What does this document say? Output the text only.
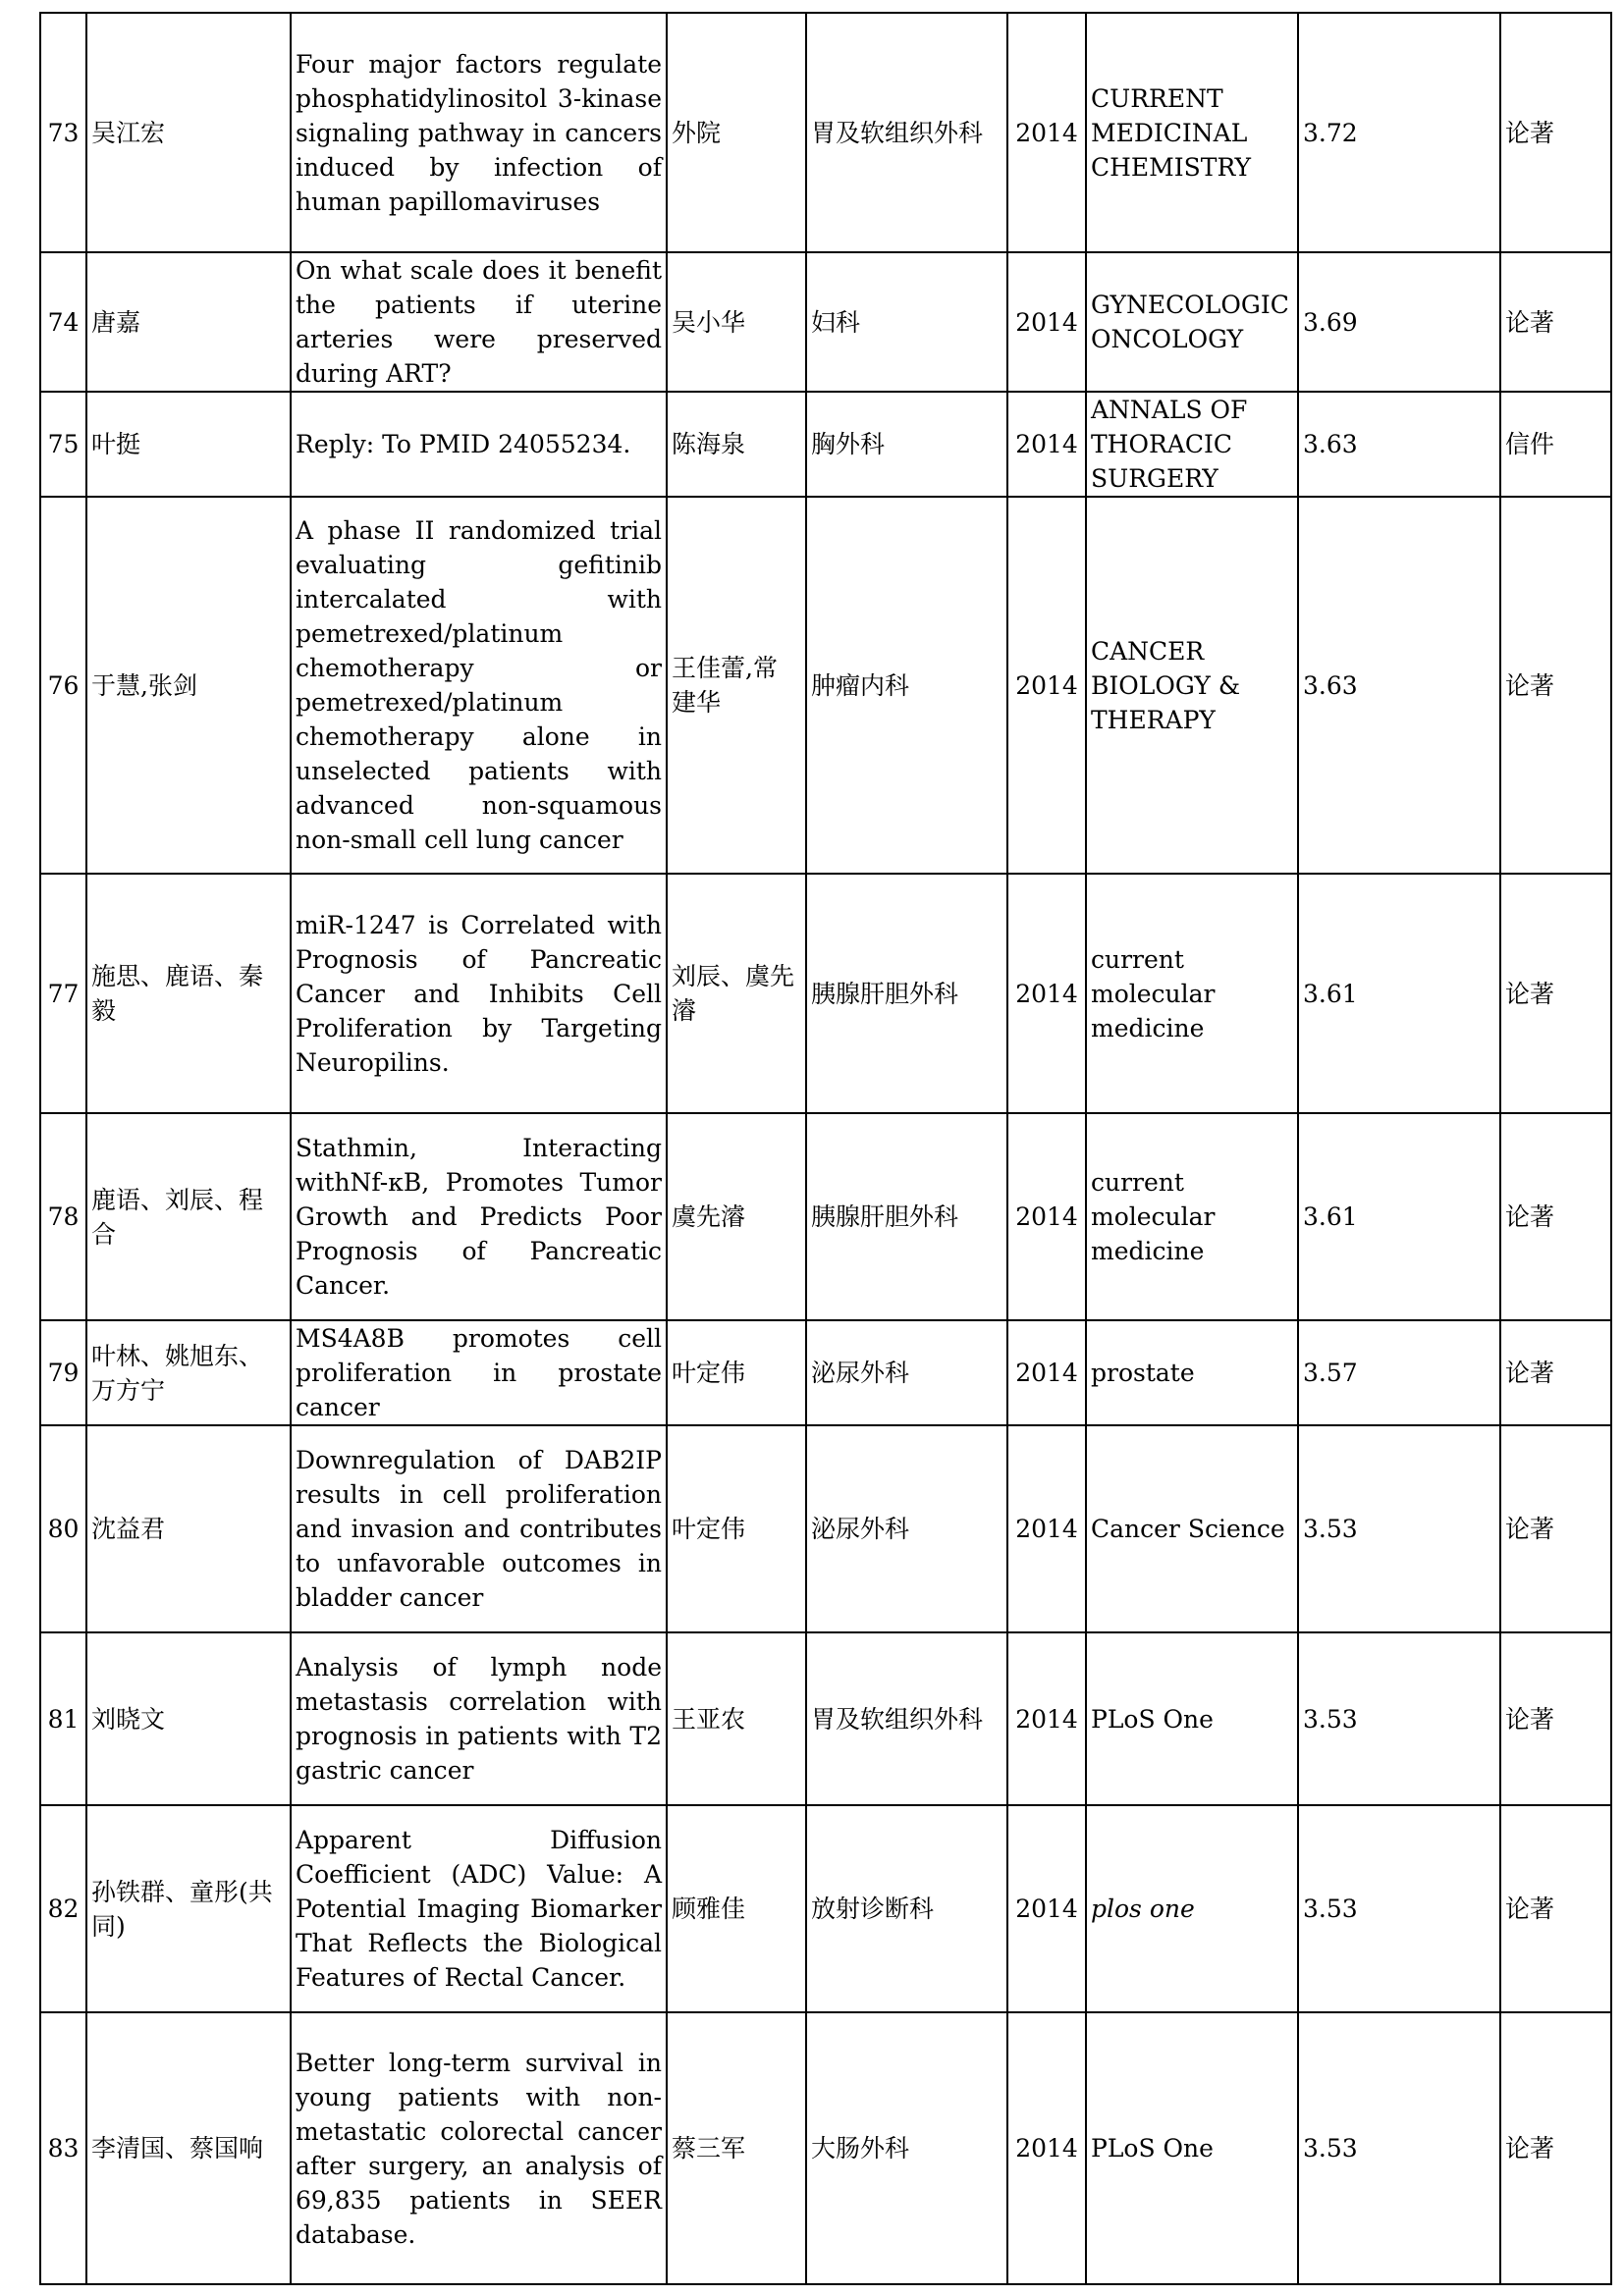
73	吴江宏	Four major factors regulate phosphatidylinositol 3-kinase signaling pathway in cancers induced by infection of human papillomaviruses	外院	胃及软组织外科	2014	CURRENT MEDICINAL CHEMISTRY	3.72	论著
74	唐嘉	On what scale does it benefit the patients if uterine arteries were preserved during ART?	吴小华	妇科	2014	GYNECOLOGIC ONCOLOGY	3.69	论著
75	叶挺	Reply: To PMID 24055234.	陈海泉	胸外科	2014	ANNALS OF THORACIC SURGERY	3.63	信件
76	于慧,张剑	A phase II randomized trial evaluating gefitinib intercalated with pemetrexed/platinum chemotherapy or pemetrexed/platinum chemotherapy alone in unselected patients with advanced non-squamous non-small cell lung cancer	王佳蕾,常建华	肿瘤内科	2014	CANCER BIOLOGY & THERAPY	3.63	论著
77	施思、鹿语、秦毅	miR-1247 is Correlated with Prognosis of Pancreatic Cancer and Inhibits Cell Proliferation by Targeting Neuropilins.	刘辰、虞先濬	胰腺肝胆外科	2014	current molecular medicine	3.61	论著
78	鹿语、刘辰、程合	Stathmin, Interacting withNf-κB, Promotes Tumor Growth and Predicts Poor Prognosis of Pancreatic Cancer.	虞先濬	胰腺肝胆外科	2014	current molecular medicine	3.61	论著
79	叶林、姚旭东、万方宁	MS4A8B promotes cell proliferation in prostate cancer	叶定伟	泌尿外科	2014	prostate	3.57	论著
80	沈益君	Downregulation of DAB2IP results in cell proliferation and invasion and contributes to unfavorable outcomes in bladder cancer	叶定伟	泌尿外科	2014	Cancer Science	3.53	论著
81	刘晓文	Analysis of lymph node metastasis correlation with prognosis in patients with T2 gastric cancer	王亚农	胃及软组织外科	2014	PLoS One	3.53	论著
82	孙铁群、童彤(共同)	Apparent Diffusion Coefficient (ADC) Value: A Potential Imaging Biomarker That Reflects the Biological Features of Rectal Cancer.	顾雅佳	放射诊断科	2014	plos one	3.53	论著
83	李清国、蔡国响	Better long-term survival in young patients with non-metastatic colorectal cancer after surgery, an analysis of 69,835 patients in SEER database.	蔡三军	大肠外科	2014	PLoS One	3.53	论著
